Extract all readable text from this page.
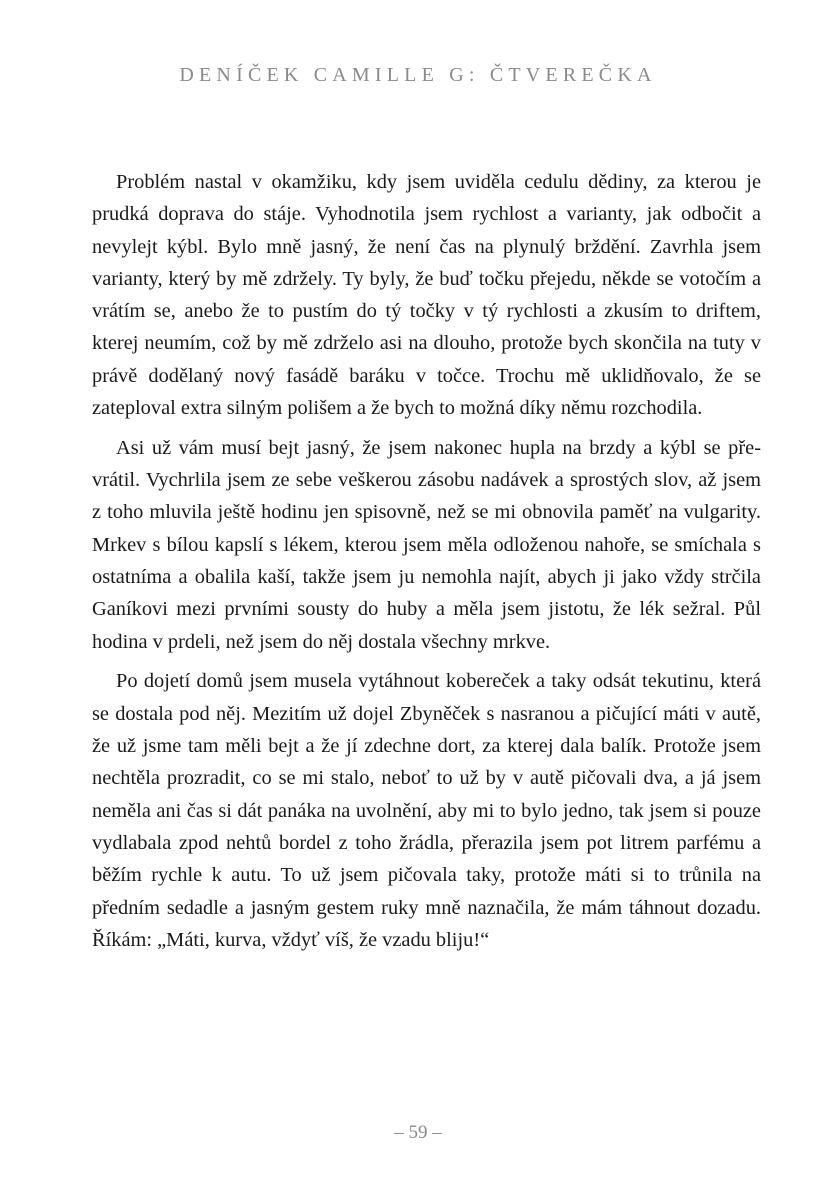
DENÍČEK CAMILLE G: ČTVEREČKA

Problém nastal v okamžiku, kdy jsem uviděla cedulu dědiny, za kterou je prudká doprava do stáje. Vyhodnotila jsem rychlost a varianty, jak odbočit a nevylejt kýbl. Bylo mně jasný, že není čas na plynulý brždění. Zavrhla jsem varianty, který by mě zdržely. Ty byly, že buď točku přejedu, někde se votočím a vrátím se, anebo že to pustím do tý točky v tý rychlosti a zkusím to driftem, kterej neumím, což by mě zdrželo asi na dlouho, protože bych skončila na tuty v právě dodělaný nový fasádě baráku v točce. Trochu mě uklidňovalo, že se zateploval extra silným polišem a že bych to možná díky němu rozchodila.

Asi už vám musí bejt jasný, že jsem nakonec hupla na brzdy a kýbl se převrátil. Vychrlila jsem ze sebe veškerou zásobu nadávek a sprostých slov, až jsem z toho mluvila ještě hodinu jen spisovně, než se mi obnovila paměť na vulgarity. Mrkev s bílou kapslí s lékem, kterou jsem měla odloženou nahoře, se smíchala s ostatníma a obalila kaší, takže jsem ju nemohla najít, abych ji jako vždy strčila Ganíkovi mezi prvními sousty do huby a měla jsem jistotu, že lék sežral. Půl hodina v prdeli, než jsem do něj dostala všechny mrkve.

Po dojetí domů jsem musela vytáhnout kobereček a taky odsát tekutinu, která se dostala pod něj. Mezitím už dojel Zbyněček s nasranou a pičující máti v autě, že už jsme tam měli bejt a že jí zdechne dort, za kterej dala balík. Protože jsem nechtěla prozradit, co se mi stalo, neboť to už by v autě pičovali dva, a já jsem neměla ani čas si dát panáka na uvolnění, aby mi to bylo jedno, tak jsem si pouze vydlabala zpod nehtů bordel z toho žrádla, přerazila jsem pot litrem parfému a běžím rychle k autu. To už jsem pičovala taky, protože máti si to trůnila na předním sedadle a jasným gestem ruky mně naznačila, že mám táhnout dozadu. Říkám: „Máti, kurva, vždyť víš, že vzadu bliju!“

– 59 –
